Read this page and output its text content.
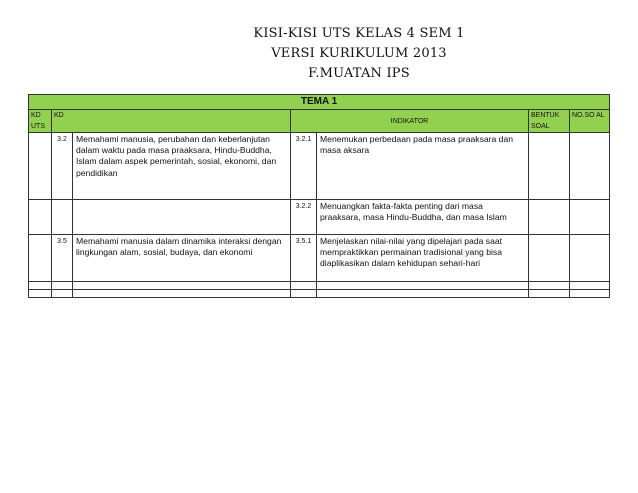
KISI-KISI UTS KELAS 4 SEM 1
VERSI KURIKULUM 2013
F.MUATAN IPS
TEMA 1						
KD UTS	KD		INDIKATOR		BENTUK SOAL	NO.SO AL
	3.2	Memahami manusia, perubahan dan keberlanjutan dalam waktu pada masa praaksara, Hindu-Buddha, Islam dalam aspek pemerintah, sosial, ekonomi, dan pendidikan	3.2.1	Menemukan perbedaan pada masa praaksara dan masa aksara		
			3.2.2	Menuangkan fakta-fakta penting dari masa praaksara, masa Hindu-Buddha, dan masa Islam		
	3.5	Memahami manusia dalam dinamika interaksi dengan lingkungan alam, sosial, budaya, dan ekonomi	3.5.1	Menjelaskan nilai-nilai yang dipelajari pada saat mempraktikkan permainan tradisional yang bisa diaplikasikan dalam kehidupan sehari-hari		
